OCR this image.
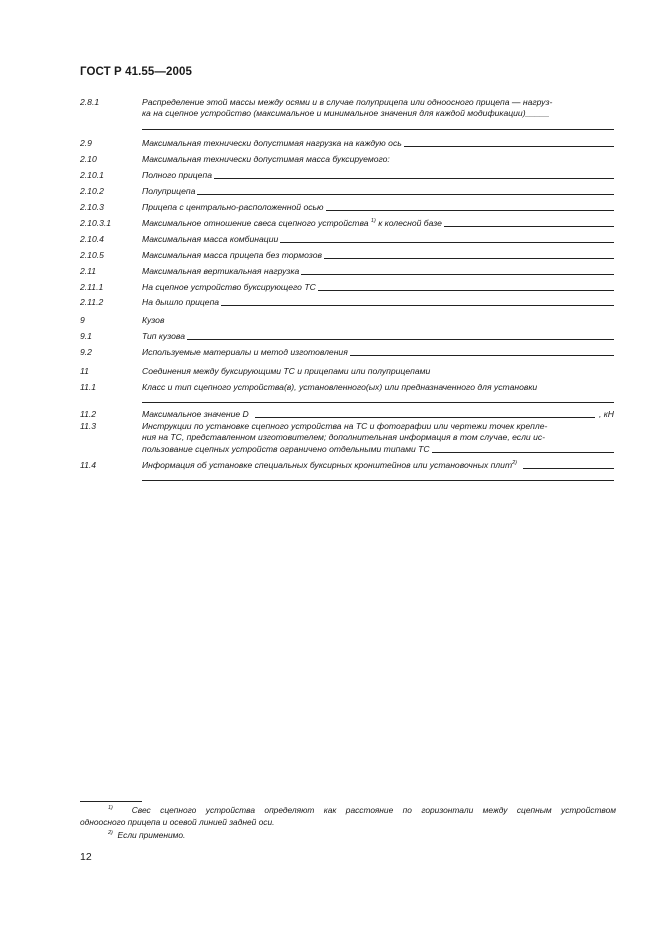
ГОСТ Р 41.55—2005
2.8.1	Распределение этой массы между осями и в случае полуприцепа или одноосного прицепа — нагруз-
ка на сцепное устройство (максимальное и минимальное значения для каждой модификации)_____
2.9	Максимальная технически допустимая нагрузка на каждую ось
2.10	Максимальная технически допустимая масса буксируемого:
2.10.1	Полного прицепа
2.10.2	Полуприцепа
2.10.3	Прицепа с центрально-расположенной осью
2.10.3.1	Максимальное отношение свеса сцепного устройства $^{1)}$ к колесной базе
2.10.4	Максимальная масса комбинации
2.10.5	Максимальная масса прицепа без тормозов
2.11	Максимальная вертикальная нагрузка
2.11.1	На сцепное устройство буксирующего ТС
2.11.2	На дышло прицепа
9	Кузов
9.1	Тип кузова
9.2	Используемые материалы и метод изготовления
11	Соединения между буксирующими ТС и прицепами или полуприцепами
11.1	Класс и тип сцепного устройства(в), установленного(ых) или предназначенного для установки
11.2	Максимальное значение D	, кН
11.3	Инструкции по установке сцепного устройства на ТС и фотографии или чертежи точек крепле-
ния на ТС, представленном изготовителем; дополнительная информация в том случае, если ис-
пользование сцепных устройств ограничено отдельными типами ТС
11.4	Информация об установке специальных буксирных кронштейнов или установочных плит$^{2)}$
$^{1)}$ Свес сцепного устройства определяют как расстояние по горизонтали между сцепным устройством
одноосного прицепа и осевой линией задней оси.
$^{2)}$ Если применимо.
12
